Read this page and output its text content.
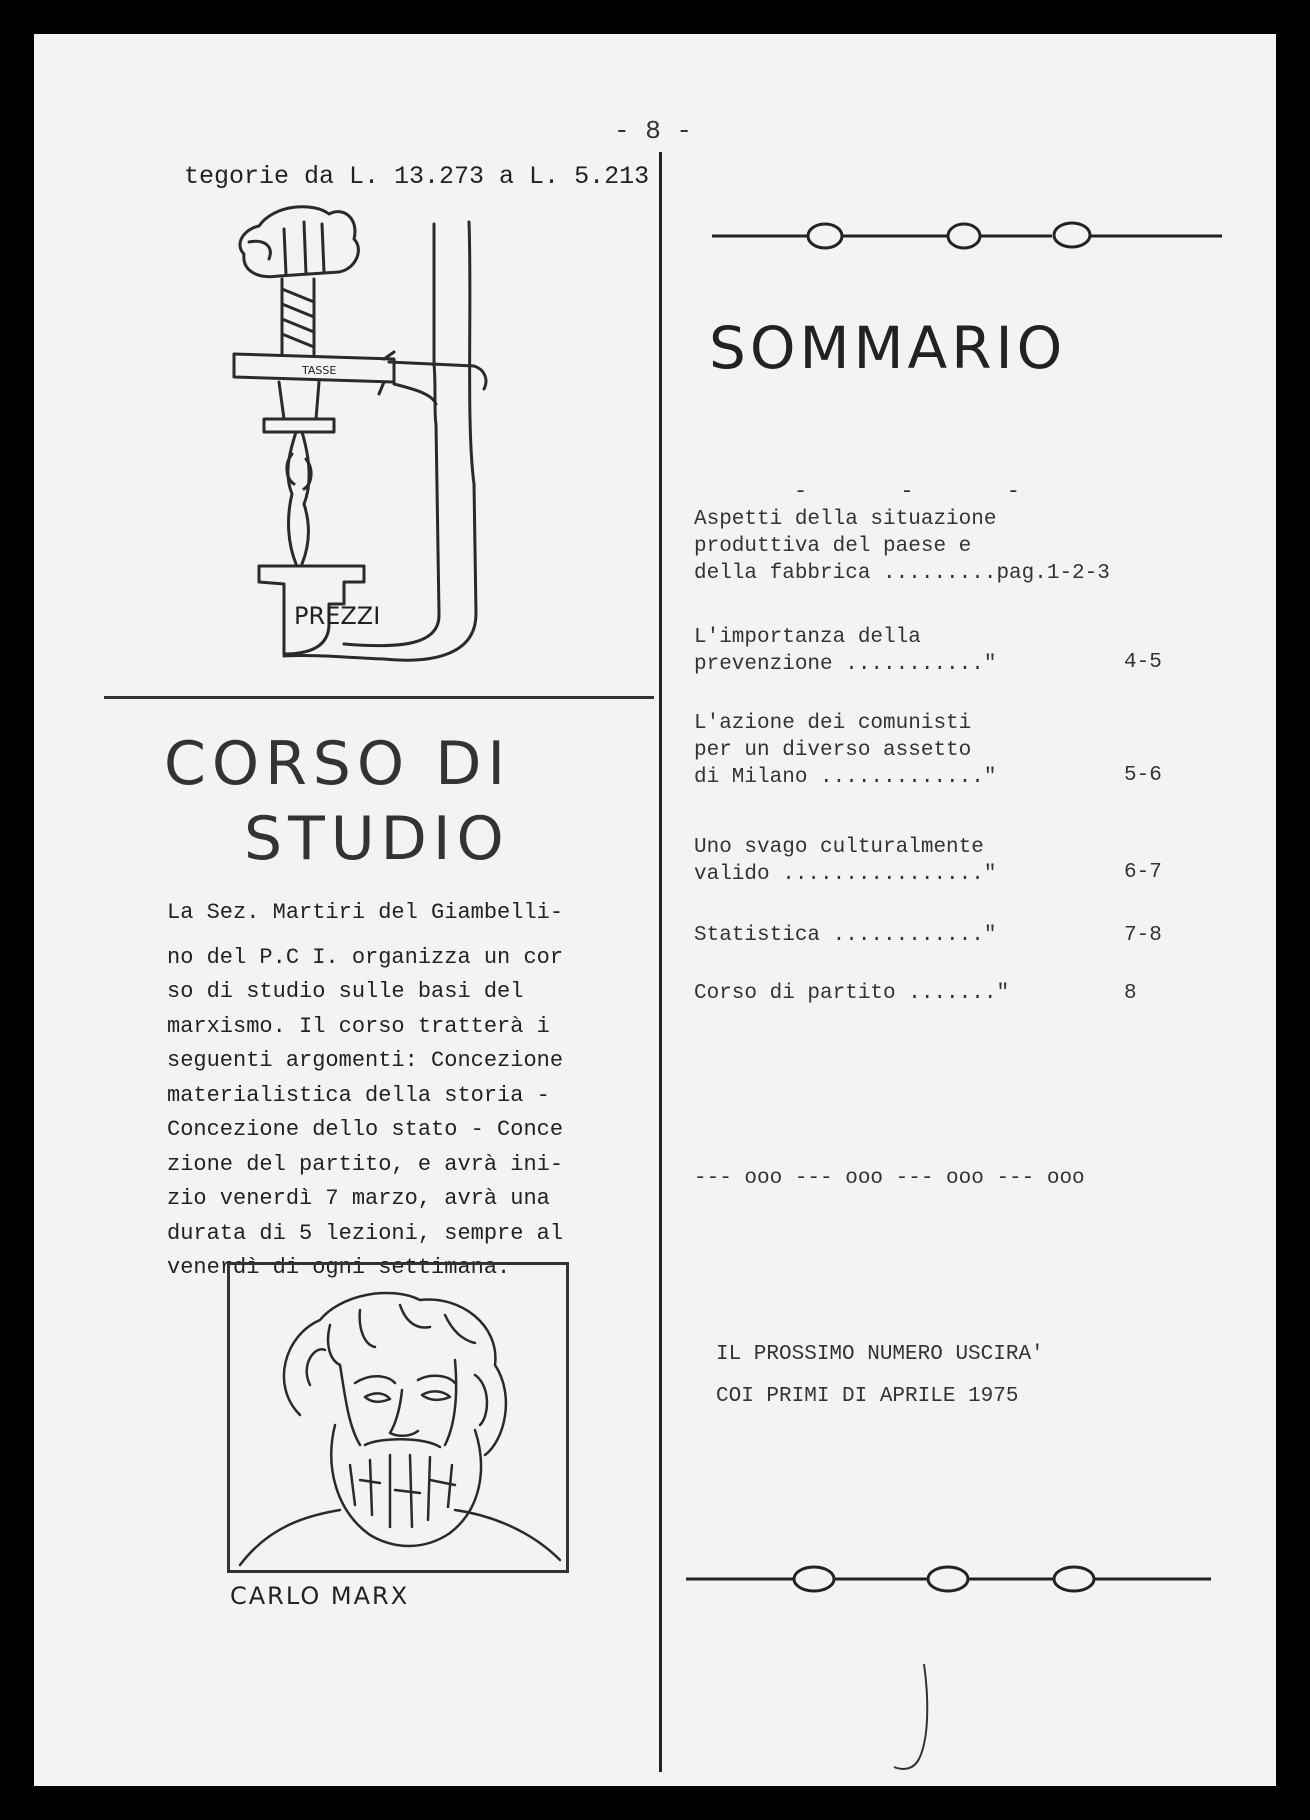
- 8 -
tegorie da L. 13.273 a L. 5.213
TASSE
PREZZI
CORSO DI
STUDIO
La Sez. Martiri del Giambelli-
no del P.C I. organizza un cor
so di studio sulle basi del
marxismo. Il corso tratterà i
seguenti argomenti: Concezione
materialistica della storia -
Concezione dello stato - Conce
zione del partito, e avrà ini-
zio venerdì 7 marzo, avrà una
durata di 5 lezioni, sempre al
venerdì di ogni settimana.
CARLO MARX
SOMMARIO
- - -
Aspetti della situazione
produttiva del paese e
della fabbrica .........pag.1-2-3
L'importanza della
prevenzione ..........."	4-5
L'azione dei comunisti
per un diverso assetto
di Milano ............."	5-6
Uno svago culturalmente
valido ................"	6-7
Statistica ............"	7-8
Corso di partito ......."	8
--- ooo --- ooo --- ooo --- ooo
IL PROSSIMO NUMERO USCIRA'
COI PRIMI DI APRILE 1975
